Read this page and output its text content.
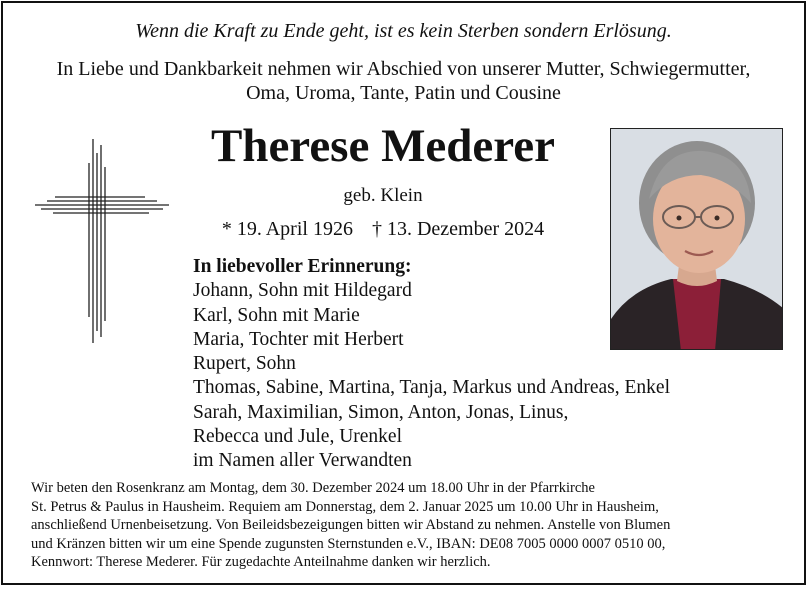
Wenn die Kraft zu Ende geht, ist es kein Sterben sondern Erlösung.
In Liebe und Dankbarkeit nehmen wir Abschied von unserer Mutter, Schwiegermutter,
Oma, Uroma, Tante, Patin und Cousine
Therese Mederer
geb. Klein
* 19. April 1926 † 13. Dezember 2024
In liebevoller Erinnerung:
Johann, Sohn mit Hildegard
Karl, Sohn mit Marie
Maria, Tochter mit Herbert
Rupert, Sohn
Thomas, Sabine, Martina, Tanja, Markus und Andreas, Enkel
Sarah, Maximilian, Simon, Anton, Jonas, Linus,
Rebecca und Jule, Urenkel
im Namen aller Verwandten
Wir beten den Rosenkranz am Montag, dem 30. Dezember 2024 um 18.00 Uhr in der Pfarrkirche
St. Petrus & Paulus in Hausheim. Requiem am Donnerstag, dem 2. Januar 2025 um 10.00 Uhr in Hausheim,
anschließend Urnenbeisetzung. Von Beileidsbezeigungen bitten wir Abstand zu nehmen. Anstelle von Blumen
und Kränzen bitten wir um eine Spende zugunsten Sternstunden e.V., IBAN: DE08 7005 0000 0007 0510 00,
Kennwort: Therese Mederer. Für zugedachte Anteilnahme danken wir herzlich.
